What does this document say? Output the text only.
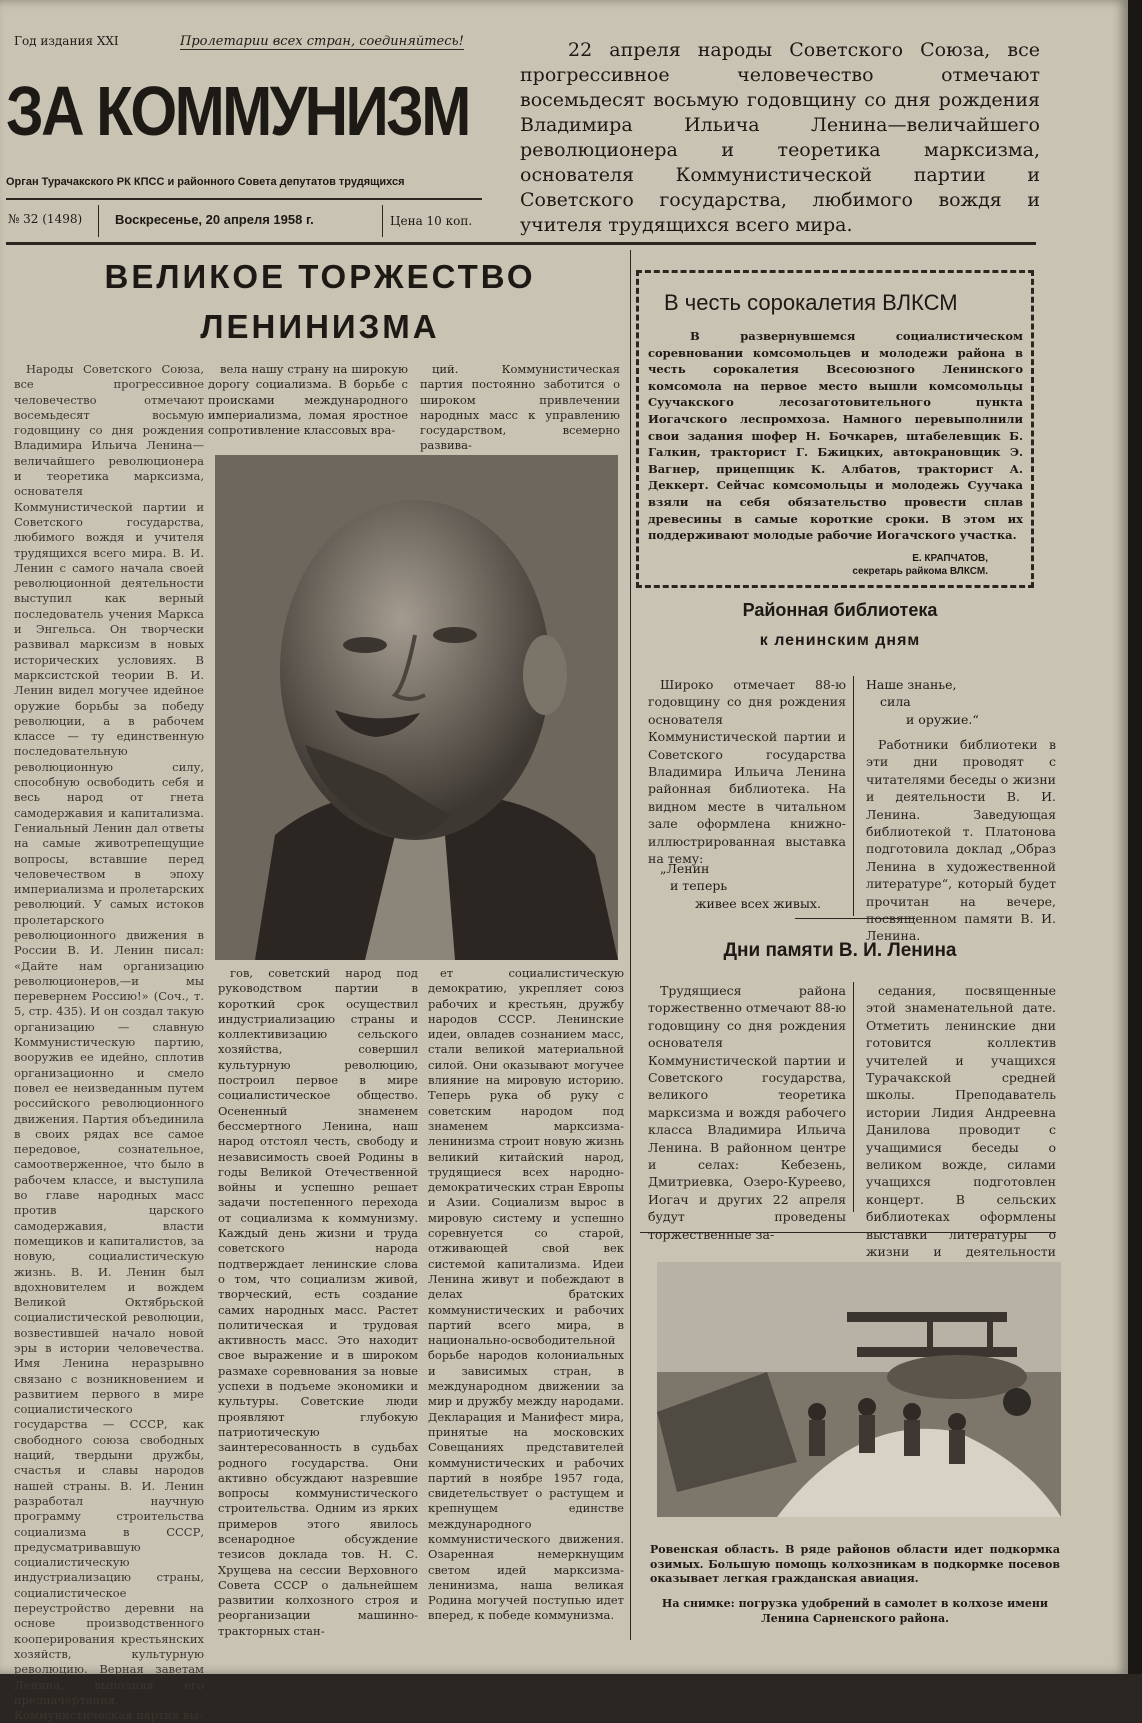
Год издания XXI	Пролетарии всех стран, соединяйтесь!
ЗА КОММУНИЗМ
Орган Турачакского РК КПСС и районного Совета депутатов трудящихся
№ 32 (1498)	Воскресенье, 20 апреля 1958 г.	Цена 10 коп.
22 апреля народы Советского Союза, все прогрессивное человечество отмечают восемьдесят восьмую годовщину со дня рождения Владимира Ильича Ленина—величайшего революционера и теоретика марксизма, основателя Коммунистической партии и Советского государства, любимого вождя и учителя трудящихся всего мира.
ВЕЛИКОЕ ТОРЖЕСТВО
ЛЕНИНИЗМА
Народы Советского Союза, все прогрессивное человечество отмечают восемьдесят восьмую годовщину со дня рождения Владимира Ильича Ленина—величайшего революционера и теоретика марксизма, основателя Коммунистической партии и Советского государства, любимого вождя и учителя трудящихся всего мира. В. И. Ленин с самого начала своей революционной деятельности выступил как верный последователь учения Маркса и Энгельса. Он творчески развивал марксизм в новых исторических условиях. В марксистской теории В. И. Ленин видел могучее идейное оружие борьбы за победу революции, а в рабочем классе — ту единственную последовательную революционную силу, способную освободить себя и весь народ от гнета самодержавия и капитализма. Гениальный Ленин дал ответы на самые животрепещущие вопросы, вставшие перед человечеством в эпоху империализма и пролетарских революций. У самых истоков пролетарского революционного движения в России В. И. Ленин писал: «Дайте нам организацию революционеров,—и мы перевернем Россию!» (Соч., т. 5, стр. 435). И он создал такую организацию — славную Коммунистическую партию, вооружив ее идейно, сплотив организационно и смело повел ее неизведанным путем российского революционного движения. Партия объединила в своих рядах все самое передовое, сознательное, самоотверженное, что было в рабочем классе, и выступила во главе народных масс против царского самодержавия, власти помещиков и капиталистов, за новую, социалистическую жизнь. В. И. Ленин был вдохновителем и вождем Великой Октябрьской социалистической революции, возвестившей начало новой эры в истории человечества. Имя Ленина неразрывно связано с возникновением и развитием первого в мире социалистического государства — СССР, как свободного союза свободных наций, твердыни дружбы, счастья и славы народов нашей страны. В. И. Ленин разработал научную программу строительства социализма в СССР, предусматривавшую социалистическую индустриализацию страны, социалистическое переустройство деревни на основе производственного кооперирования крестьянских хозяйств, культурную революцию. Верная заветам Ленина, выполняя его предначертания, Коммунистическая партия вы-
вела нашу страну на широкую дорогу социализма. В борьбе с происками международного империализма, ломая яростное сопротивление классовых вра-
ций. Коммунистическая партия постоянно заботится о широком привлечении народных масс к управлению государством, всемерно развива-
гов, советский народ под руководством партии в короткий срок осуществил индустриализацию страны и коллективизацию сельского хозяйства, совершил культурную революцию, построил первое в мире социалистическое общество. Осененный знаменем бессмертного Ленина, наш народ отстоял честь, свободу и независимость своей Родины в годы Великой Отечественной войны и успешно решает задачи постепенного перехода от социализма к коммунизму. Каждый день жизни и труда советского народа подтверждает ленинские слова о том, что социализм живой, творческий, есть создание самих народных масс. Растет политическая и трудовая активность масс. Это находит свое выражение и в широком размахе соревнования за новые успехи в подъеме экономики и культуры. Советские люди проявляют глубокую патриотическую заинтересованность в судьбах родного государства. Они активно обсуждают назревшие вопросы коммунистического строительства. Одним из ярких примеров этого явилось всенародное обсуждение тезисов доклада тов. Н. С. Хрущева на сессии Верховного Совета СССР о дальнейшем развитии колхозного строя и реорганизации машинно-тракторных стан-
ет социалистическую демократию, укрепляет союз рабочих и крестьян, дружбу народов СССР. Ленинские идеи, овладев сознанием масс, стали великой материальной силой. Они оказывают могучее влияние на мировую историю. Теперь рука об руку с советским народом под знаменем марксизма-ленинизма строит новую жизнь великий китайский народ, трудящиеся всех народно-демократических стран Европы и Азии. Социализм вырос в мировую систему и успешно соревнуется со старой, отживающей свой век системой капитализма. Идеи Ленина живут и побеждают в делах братских коммунистических и рабочих партий всего мира, в национально-освободительной борьбе народов колониальных и зависимых стран, в международном движении за мир и дружбу между народами. Декларация и Манифест мира, принятые на московских Совещаниях представителей коммунистических и рабочих партий в ноябре 1957 года, свидетельствует о растущем и крепнущем единстве международного коммунистического движения. Озаренная немеркнущим светом идей марксизма-ленинизма, наша великая Родина могучей поступью идет вперед, к победе коммунизма.
В честь сорокалетия ВЛКСМ
В развернувшемся социалистическом соревновании комсомольцев и молодежи района в честь сорокалетия Всесоюзного Ленинского комсомола на первое место вышли комсомольцы Суучакского лесозаготовительного пункта Иогачского леспромхоза. Намного перевыполнили свои задания шофер Н. Бочкарев, штабелевщик Б. Галкин, тракторист Г. Бжицких, автокрановщик Э. Вагнер, прицепщик К. Албатов, тракторист А. Деккерт. Сейчас комсомольцы и молодежь Суучака взяли на себя обязательство провести сплав древесины в самые короткие сроки. В этом их поддерживают молодые рабочие Иогачского участка.
Е. КРАПЧАТОВ,
секретарь райкома ВЛКСМ.
Районная библиотека
к ленинским дням
Широко отмечает 88-ю годовщину со дня рождения основателя Коммунистической партии и Советского государства Владимира Ильича Ленина районная библиотека. На видном месте в читальном зале оформлена книжно-иллюстрированная выставка на тему:
„Ленин
и теперь
живее всех живых.
Наше знанье,
сила
и оружие.“
Работники библиотеки в эти дни проводят с читателями беседы о жизни и деятельности В. И. Ленина. Заведующая библиотекой т. Платонова подготовила доклад „Образ Ленина в художественной литературе“, который будет прочитан на вечере, посвященном памяти В. И. Ленина.
Дни памяти В. И. Ленина
Трудящиеся района торжественно отмечают 88-ю годовщину со дня рождения основателя Коммунистической партии и Советского государства, великого теоретика марксизма и вождя рабочего класса Владимира Ильича Ленина. В районном центре и селах: Кебезень, Дмитриевка, Озеро-Куреево, Иогач и других 22 апреля будут проведены торжественные за-
седания, посвященные этой знаменательной дате. Отметить ленинские дни готовится коллектив учителей и учащихся Турачакской средней школы. Преподаватель истории Лидия Андреевна Данилова проводит с учащимися беседы о великом вожде, силами учащихся подготовлен концерт. В сельских библиотеках оформлены выставки литературы о жизни и деятельности
Ровенская область. В ряде районов области идет подкормка озимых. Большую помощь колхозникам в подкормке посевов оказывает легкая гражданская авиация.
На снимке: погрузка удобрений в самолет в колхозе имени Ленина Сарненского района.
